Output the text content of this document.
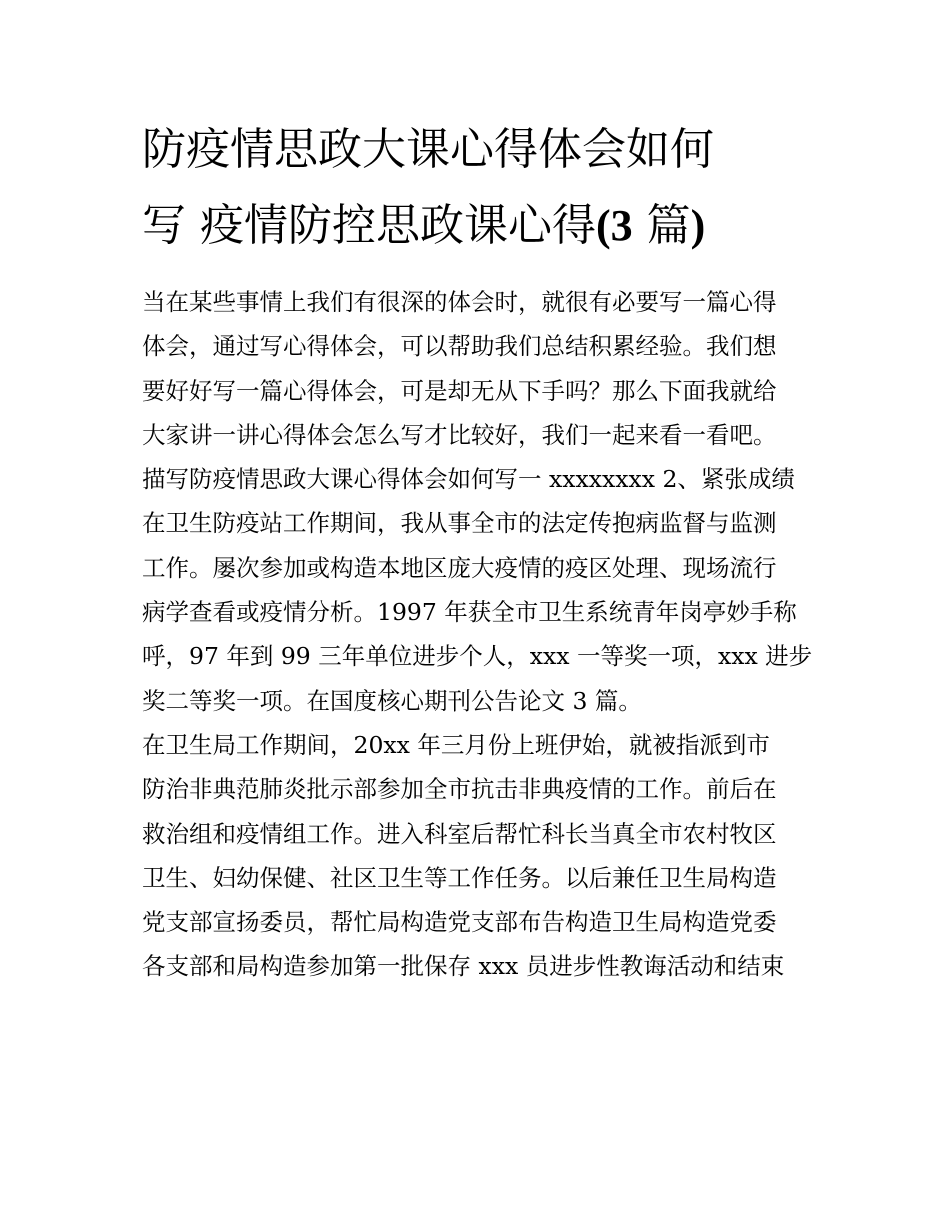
防疫情思政大课心得体会如何
写 疫情防控思政课心得(3 篇)
当在某些事情上我们有很深的体会时，就很有必要写一篇心得
体会，通过写心得体会，可以帮助我们总结积累经验。我们想
要好好写一篇心得体会，可是却无从下手吗？那么下面我就给
大家讲一讲心得体会怎么写才比较好，我们一起来看一看吧。
描写防疫情思政大课心得体会如何写一 xxxxxxxx 2、紧张成绩
在卫生防疫站工作期间，我从事全市的法定传抱病监督与监测
工作。屡次参加或构造本地区庞大疫情的疫区处理、现场流行
病学查看或疫情分析。1997 年获全市卫生系统青年岗亭妙手称
呼，97 年到 99 三年单位进步个人，xxx 一等奖一项，xxx 进步
奖二等奖一项。在国度核心期刊公告论文 3 篇。
在卫生局工作期间，20xx 年三月份上班伊始，就被指派到市
防治非典范肺炎批示部参加全市抗击非典疫情的工作。前后在
救治组和疫情组工作。进入科室后帮忙科长当真全市农村牧区
卫生、妇幼保健、社区卫生等工作任务。以后兼任卫生局构造
党支部宣扬委员，帮忙局构造党支部布告构造卫生局构造党委
各支部和局构造参加第一批保存 xxx 员进步性教诲活动和结束
